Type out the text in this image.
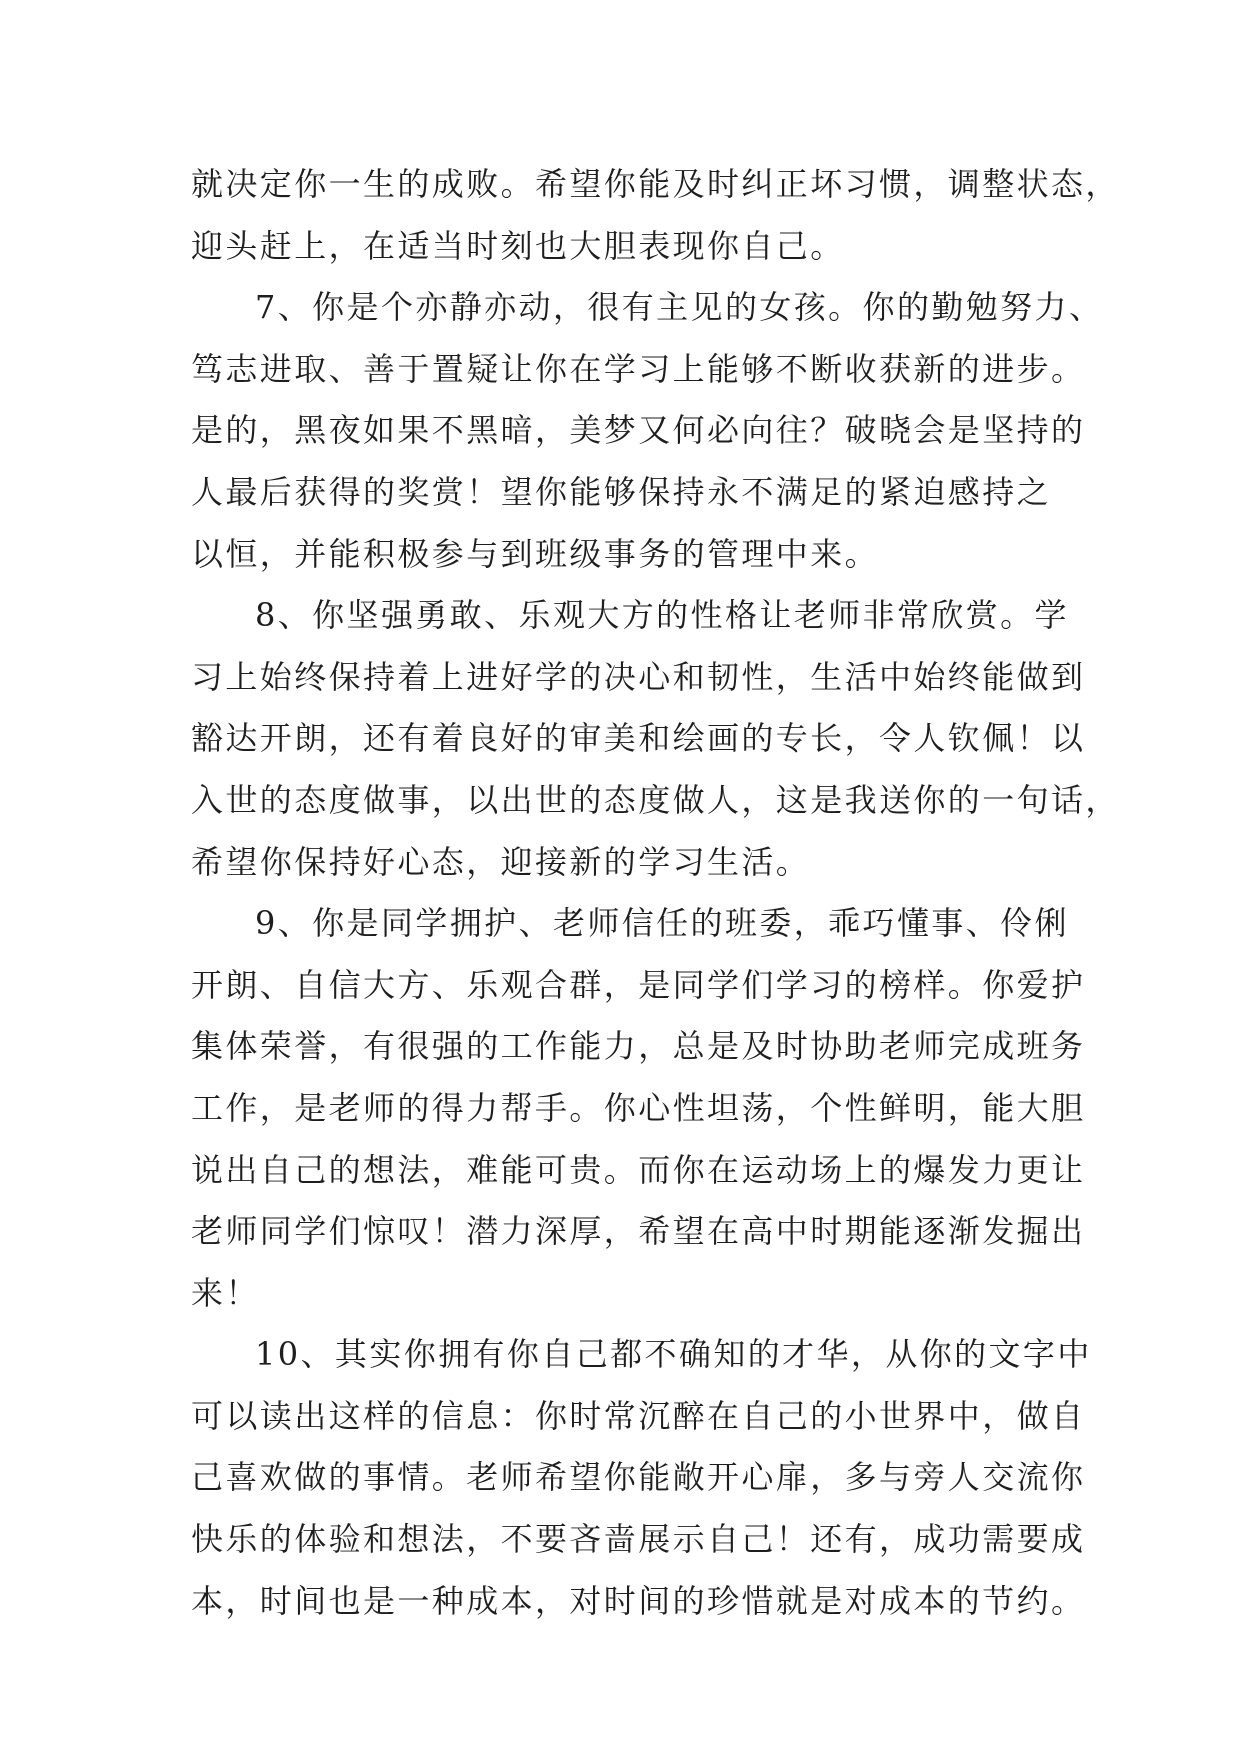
就决定你一生的成败。希望你能及时纠正坏习惯，调整状态，
迎头赶上，在适当时刻也大胆表现你自己。
7、你是个亦静亦动，很有主见的女孩。你的勤勉努力、
笃志进取、善于置疑让你在学习上能够不断收获新的进步。
是的，黑夜如果不黑暗，美梦又何必向往？破晓会是坚持的
人最后获得的奖赏！望你能够保持永不满足的紧迫感持之
以恒，并能积极参与到班级事务的管理中来。
8、你坚强勇敢、乐观大方的性格让老师非常欣赏。学
习上始终保持着上进好学的决心和韧性，生活中始终能做到
豁达开朗，还有着良好的审美和绘画的专长，令人钦佩！以
入世的态度做事，以出世的态度做人，这是我送你的一句话，
希望你保持好心态，迎接新的学习生活。
9、你是同学拥护、老师信任的班委，乖巧懂事、伶俐
开朗、自信大方、乐观合群，是同学们学习的榜样。你爱护
集体荣誉，有很强的工作能力，总是及时协助老师完成班务
工作，是老师的得力帮手。你心性坦荡，个性鲜明，能大胆
说出自己的想法，难能可贵。而你在运动场上的爆发力更让
老师同学们惊叹！潜力深厚，希望在高中时期能逐渐发掘出
来！
10、其实你拥有你自己都不确知的才华，从你的文字中
可以读出这样的信息：你时常沉醉在自己的小世界中，做自
己喜欢做的事情。老师希望你能敞开心扉，多与旁人交流你
快乐的体验和想法，不要吝啬展示自己！还有，成功需要成
本，时间也是一种成本，对时间的珍惜就是对成本的节约。
